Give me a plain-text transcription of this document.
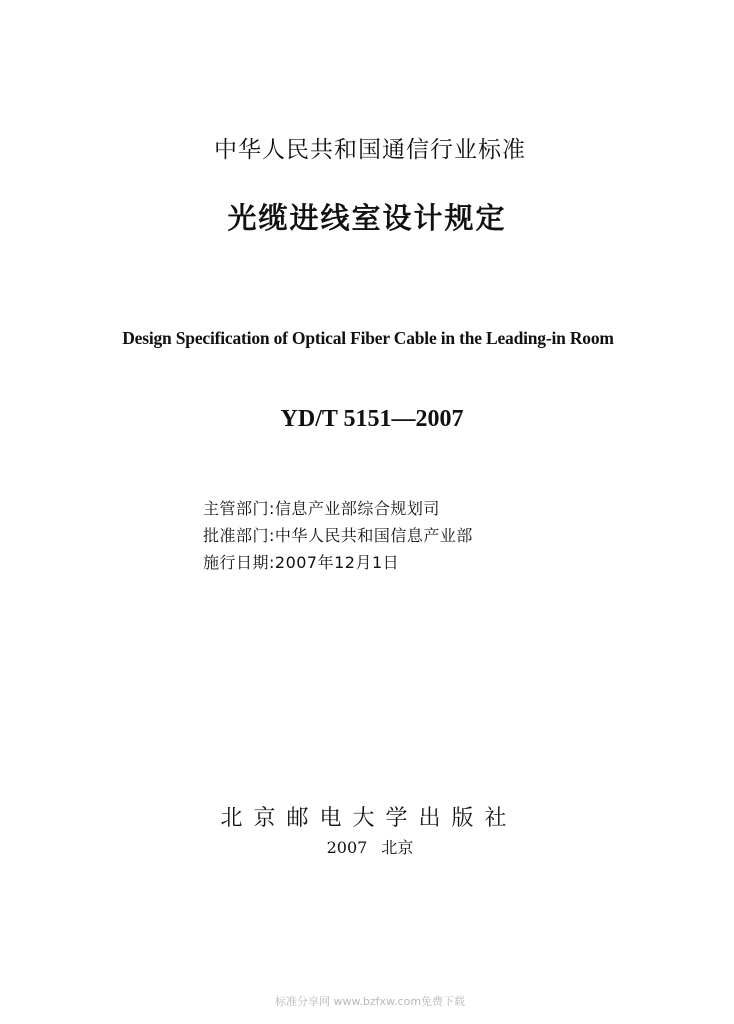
中华人民共和国通信行业标准
光缆进线室设计规定
Design Specification of Optical Fiber Cable in the Leading-in Room
YD/T 5151—2007
主管部门:信息产业部综合规划司
批准部门:中华人民共和国信息产业部
施行日期:2007年12月1日
北京邮电大学出版社
2007 北京
标准分享网 www.bzfxw.com免费下载
